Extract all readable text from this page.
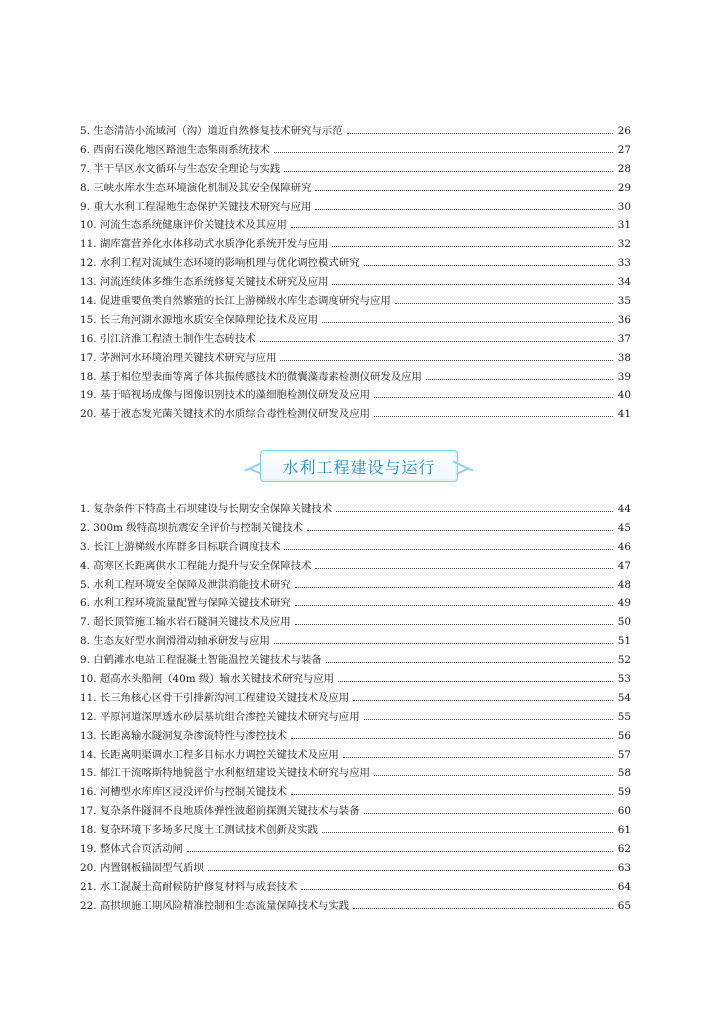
5. 生态清洁小流域河（沟）道近自然修复技术研究与示范	26
6. 西南石漠化地区路池生态集雨系统技术	27
7. 半干旱区水文循环与生态安全理论与实践	28
8. 三峡水库水生态环境演化机制及其安全保障研究	29
9. 重大水利工程湿地生态保护关键技术研究与应用	30
10. 河流生态系统健康评价关键技术及其应用	31
11. 湖库富营养化水体移动式水质净化系统开发与应用	32
12. 水利工程对流域生态环境的影响机理与优化调控模式研究	33
13. 河流连续体多维生态系统修复关键技术研究及应用	34
14. 促进重要鱼类自然繁殖的长江上游梯级水库生态调度研究与应用	35
15. 长三角河湖水源地水质安全保障理论技术及应用	36
16. 引江济淮工程渣土制作生态砖技术	37
17. 茅洲河水环境治理关键技术研究与应用	38
18. 基于相位型表面等离子体共振传感技术的微囊藻毒素检测仪研发及应用	39
19. 基于暗视场成像与图像识别技术的藻细胞检测仪研发及应用	40
20. 基于液态发光菌关键技术的水质综合毒性检测仪研发及应用	41
水利工程建设与运行
1. 复杂条件下特高土石坝建设与长期安全保障关键技术	44
2. 300m 级特高坝抗震安全评价与控制关键技术	45
3. 长江上游梯级水库群多目标联合调度技术	46
4. 高寒区长距离供水工程能力提升与安全保障技术	47
5. 水利工程环境安全保障及泄洪消能技术研究	48
6. 水利工程环境流量配置与保障关键技术研究	49
7. 超长顶管施工输水岩石隧洞关键技术及应用	50
8. 生态友好型水润滑滑动轴承研发与应用	51
9. 白鹤滩水电站工程混凝土智能温控关键技术与装备	52
10. 超高水头船闸（40m 级）输水关键技术研究与应用	53
11. 长三角核心区骨干引排新沟河工程建设关键技术及应用	54
12. 平原河道深厚透水砂层基坑组合渗控关键技术研究与应用	55
13. 长距离输水隧洞复杂渗流特性与渗控技术	56
14. 长距离明渠调水工程多目标水力调控关键技术及应用	57
15. 郁江干流喀斯特地貌邕宁水利枢纽建设关键技术研究与应用	58
16. 河槽型水库库区浸没评价与控制关键技术	59
17. 复杂条件隧洞不良地质体弹性波超前探测关键技术与装备	60
18. 复杂环境下多场多尺度土工测试技术创新及实践	61
19. 整体式合页活动闸	62
20. 内置钢板锚固型气盾坝	63
21. 水工混凝土高耐候防护修复材料与成套技术	64
22. 高拱坝施工期风险精准控制和生态流量保障技术与实践	65
